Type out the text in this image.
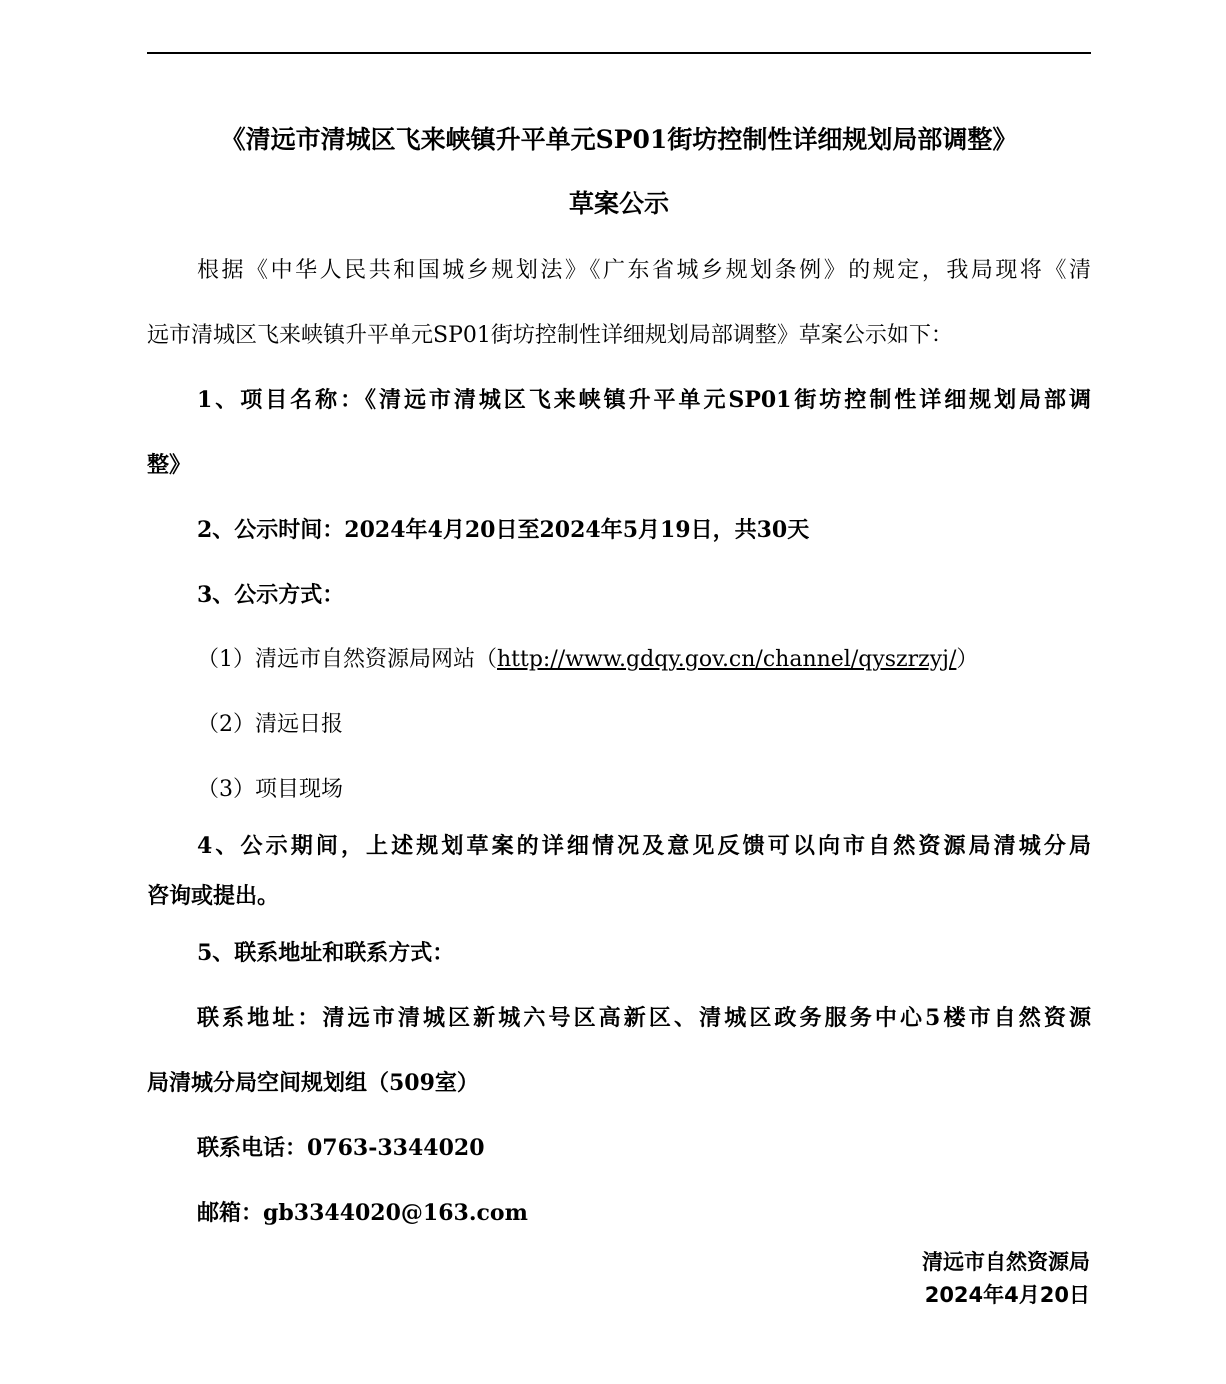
《清远市清城区飞来峡镇升平单元SP01街坊控制性详细规划局部调整》
草案公示
根据《中华人民共和国城乡规划法》《广东省城乡规划条例》的规定，我局现将《清
远市清城区飞来峡镇升平单元SP01街坊控制性详细规划局部调整》草案公示如下：
1、项目名称：《清远市清城区飞来峡镇升平单元SP01街坊控制性详细规划局部调
整》
2、公示时间：2024年4月20日至2024年5月19日，共30天
3、公示方式：
（1）清远市自然资源局网站（http://www.gdqy.gov.cn/channel/qyszrzyj/）
（2）清远日报
（3）项目现场
4、公示期间，上述规划草案的详细情况及意见反馈可以向市自然资源局清城分局
咨询或提出。
5、联系地址和联系方式：
联系地址：清远市清城区新城六号区高新区、清城区政务服务中心5楼市自然资源
局清城分局空间规划组（509室）
联系电话：0763-3344020
邮箱：gb3344020@163.com
清远市自然资源局
2024年4月20日
